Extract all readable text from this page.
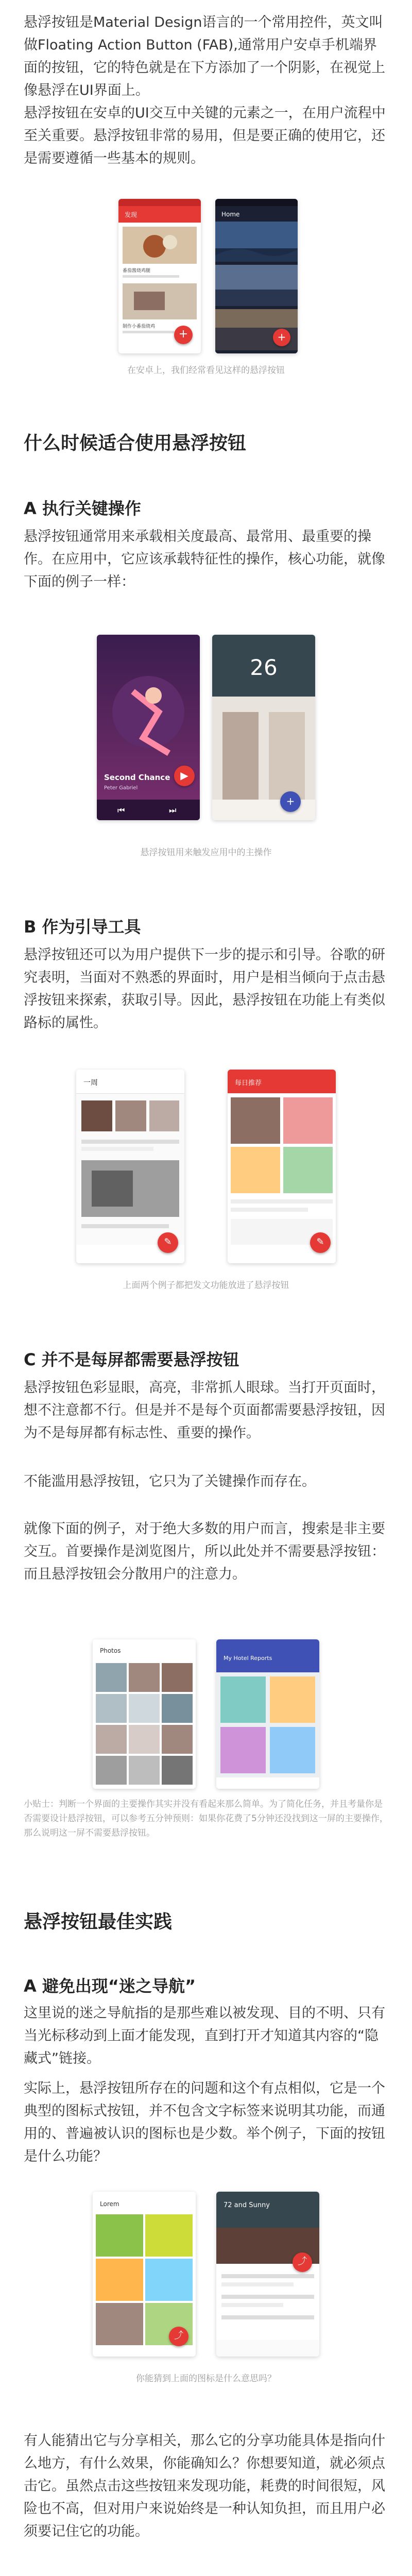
悬浮按钮是Material Design语言的一个常用控件，英文叫做Floating Action Button (FAB),通常用户安卓手机端界面的按钮，它的特色就是在下方添加了一个阴影，在视觉上像悬浮在UI界面上。

悬浮按钮在安卓的UI交互中关键的元素之一，在用户流程中至关重要。悬浮按钮非常的易用，但是要正确的使用它，还是需要遵循一些基本的规则。

发现
番茄酱烧鸡腿
制作小番茄烧鸡
+
Home
+

在安卓上，我们经常看见这样的悬浮按钮

什么时候适合使用悬浮按钮
A 执行关键操作

悬浮按钮通常用来承载相关度最高、最常用、最重要的操作。在应用中，它应该承载特征性的操作，核心功能，就像下面的例子一样：

Second Chance
Peter Gabriel
⏮	⏭
▶
26
+

悬浮按钮用来触发应用中的主操作

B 作为引导工具

悬浮按钮还可以为用户提供下一步的提示和引导。谷歌的研究表明，当面对不熟悉的界面时，用户是相当倾向于点击悬浮按钮来探索，获取引导。因此，悬浮按钮在功能上有类似路标的属性。

一周
✎
每日推荐
✎

上面两个例子都把发文功能放进了悬浮按钮

C 并不是每屏都需要悬浮按钮

悬浮按钮色彩显眼，高亮，非常抓人眼球。当打开页面时，想不注意都不行。但是并不是每个页面都需要悬浮按钮，因为不是每屏都有标志性、重要的操作。

不能滥用悬浮按钮，它只为了关键操作而存在。

就像下面的例子，对于绝大多数的用户而言，搜索是非主要交互。首要操作是浏览图片，所以此处并不需要悬浮按钮：而且悬浮按钮会分散用户的注意力。

Photos
My Hotel Reports

小贴士：判断一个界面的主要操作其实并没有看起来那么简单。为了简化任务，并且考量你是否需要设计悬浮按钮，可以参考五分钟预则：如果你花费了5分钟还没找到这一屏的主要操作，那么说明这一屏不需要悬浮按钮。

悬浮按钮最佳实践
A 避免出现“迷之导航”

这里说的迷之导航指的是那些难以被发现、目的不明、只有当光标移动到上面才能发现，直到打开才知道其内容的“隐藏式”链接。

实际上，悬浮按钮所存在的问题和这个有点相似，它是一个典型的图标式按钮，并不包含文字标签来说明其功能，而通用的、普遍被认识的图标也是少数。举个例子，下面的按钮是什么功能？

Lorem
⤴
72 and Sunny
⤴

你能猜到上面的图标是什么意思吗？

有人能猜出它与分享相关，那么它的分享功能具体是指向什么地方，有什么效果，你能确知么？你想要知道，就必须点击它。虽然点击这些按钮来发现功能，耗费的时间很短，风险也不高，但对用户来说始终是一种认知负担，而且用户必须要记住它的功能。
